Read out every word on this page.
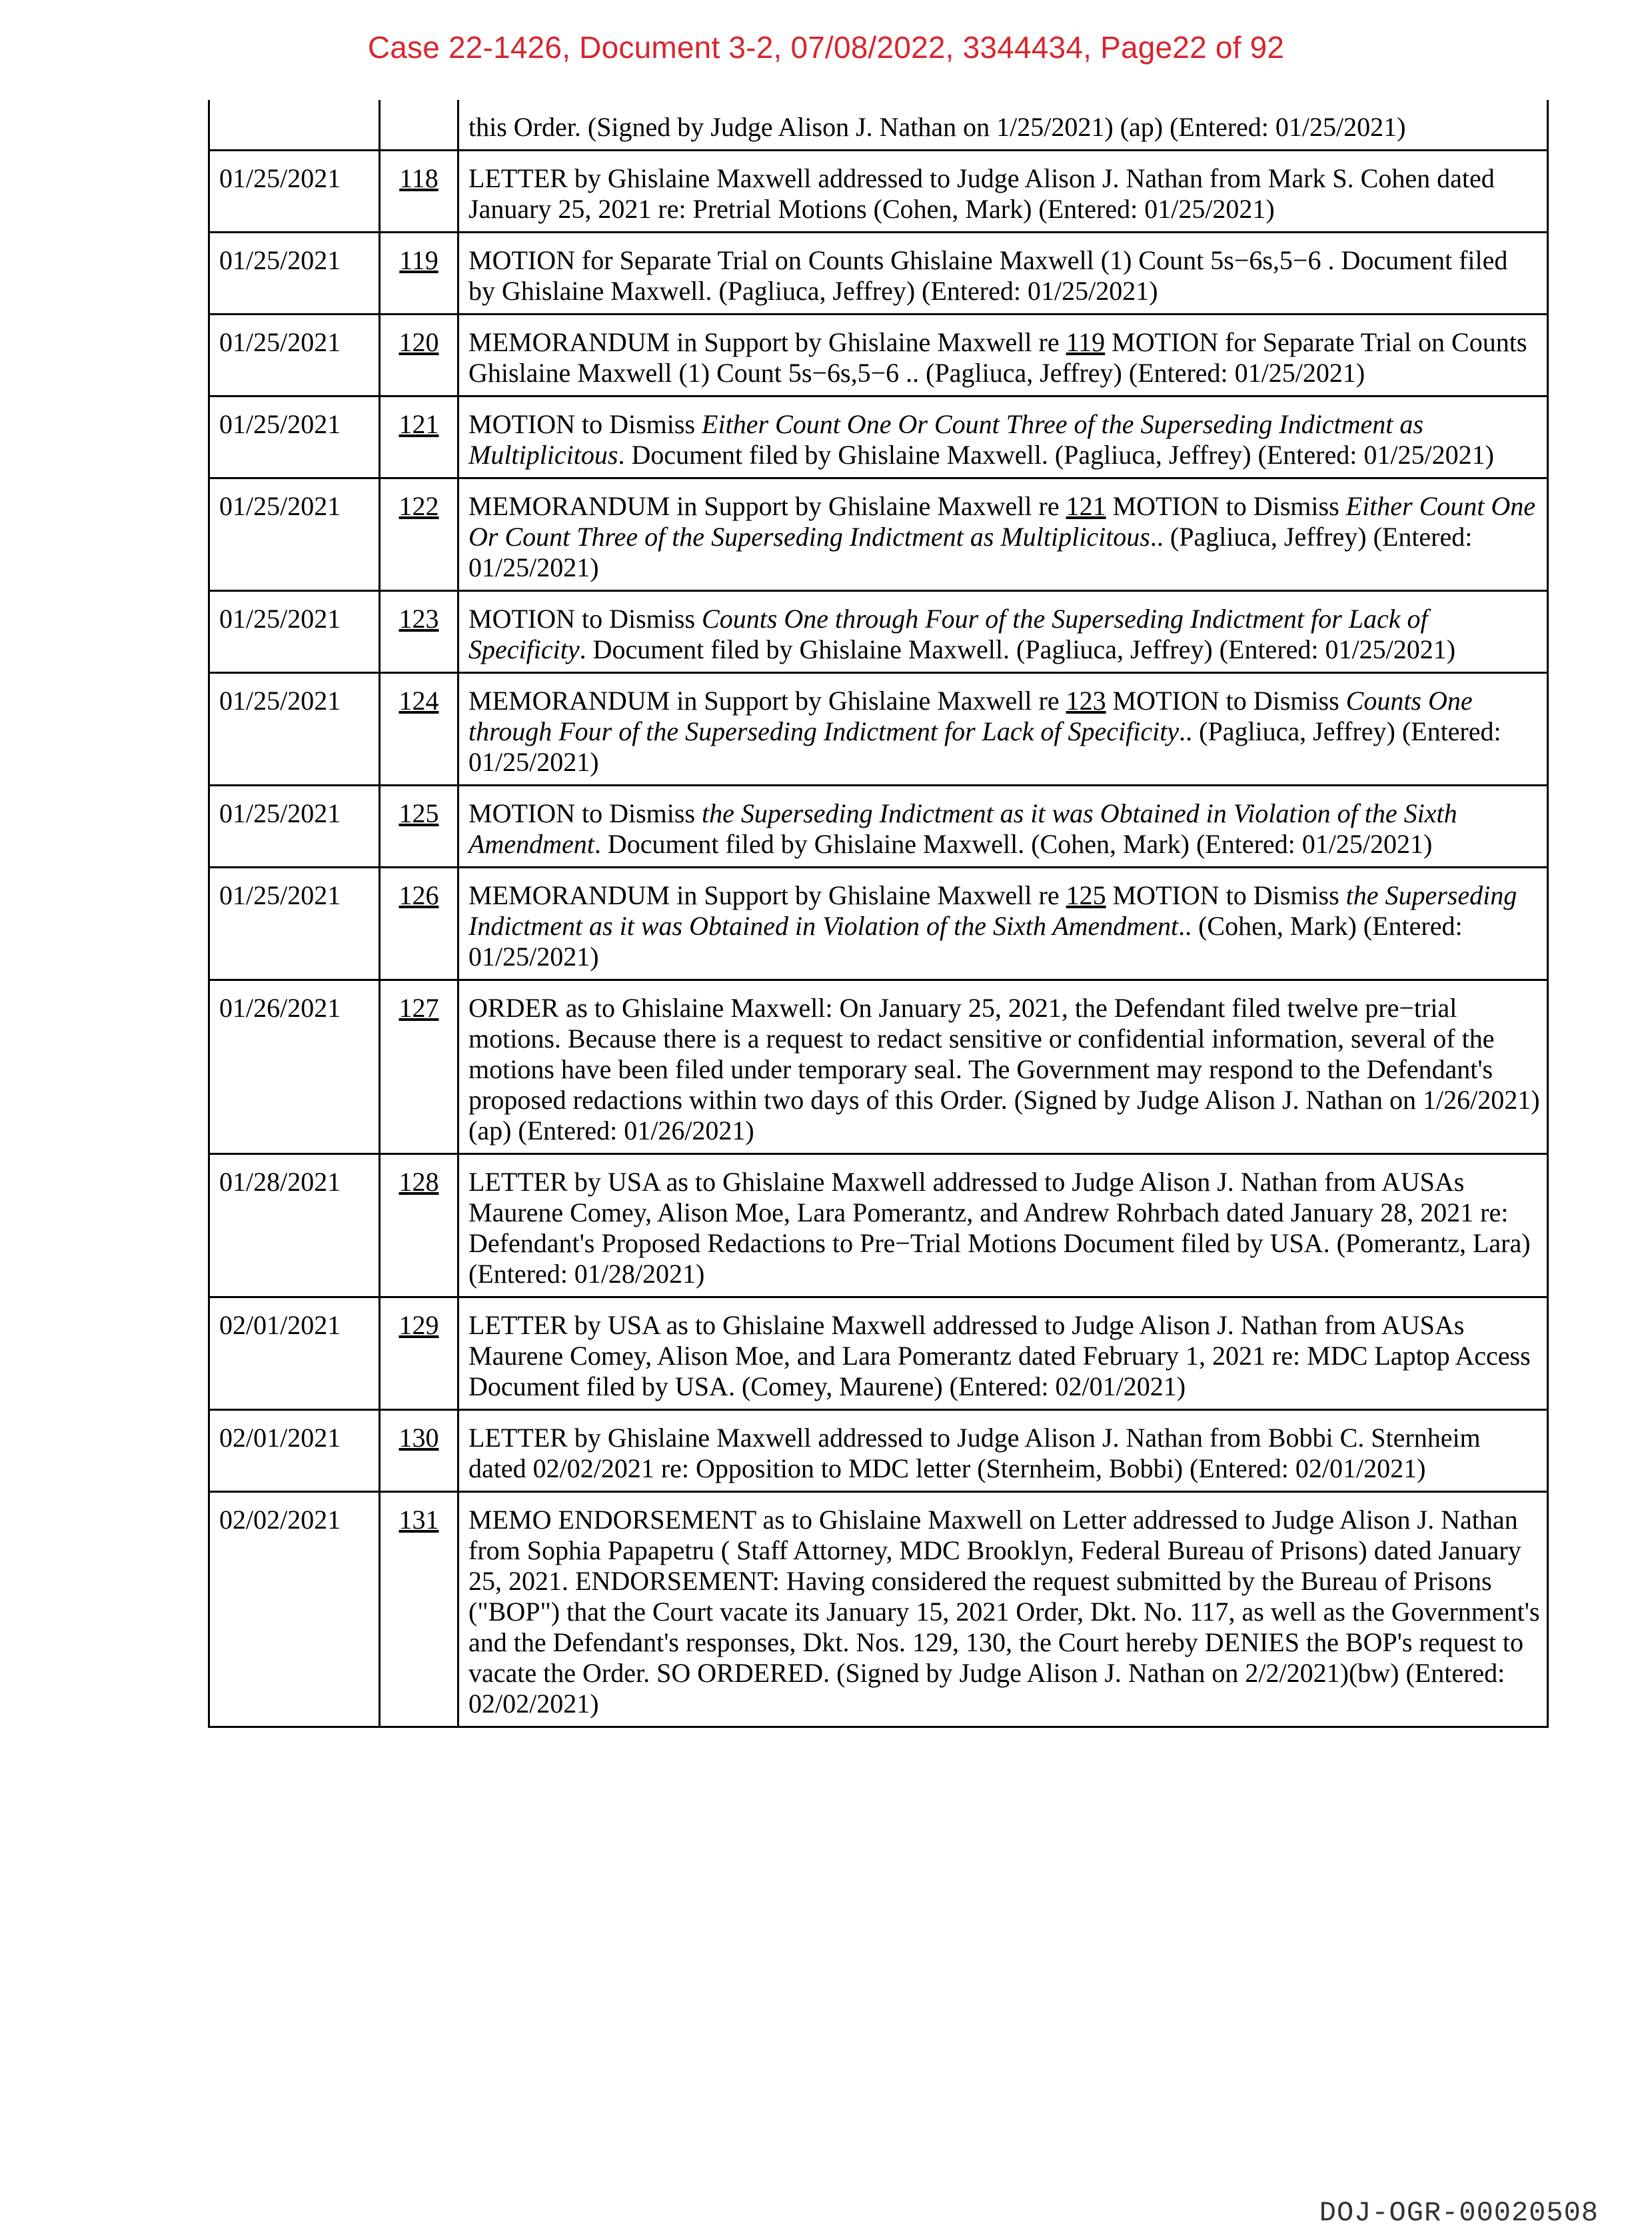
Case 22-1426, Document 3-2, 07/08/2022, 3344434, Page22 of 92
		this Order. (Signed by Judge Alison J. Nathan on 1/25/2021) (ap) (Entered: 01/25/2021)
01/25/2021	118	LETTER by Ghislaine Maxwell addressed to Judge Alison J. Nathan from Mark S. Cohen dated January 25, 2021 re: Pretrial Motions (Cohen, Mark) (Entered: 01/25/2021)
01/25/2021	119	MOTION for Separate Trial on Counts Ghislaine Maxwell (1) Count 5s−6s,5−6 . Document filed by Ghislaine Maxwell. (Pagliuca, Jeffrey) (Entered: 01/25/2021)
01/25/2021	120	MEMORANDUM in Support by Ghislaine Maxwell re 119 MOTION for Separate Trial on Counts Ghislaine Maxwell (1) Count 5s−6s,5−6 .. (Pagliuca, Jeffrey) (Entered: 01/25/2021)
01/25/2021	121	MOTION to Dismiss Either Count One Or Count Three of the Superseding Indictment as Multiplicitous. Document filed by Ghislaine Maxwell. (Pagliuca, Jeffrey) (Entered: 01/25/2021)
01/25/2021	122	MEMORANDUM in Support by Ghislaine Maxwell re 121 MOTION to Dismiss Either Count One Or Count Three of the Superseding Indictment as Multiplicitous.. (Pagliuca, Jeffrey) (Entered: 01/25/2021)
01/25/2021	123	MOTION to Dismiss Counts One through Four of the Superseding Indictment for Lack of Specificity. Document filed by Ghislaine Maxwell. (Pagliuca, Jeffrey) (Entered: 01/25/2021)
01/25/2021	124	MEMORANDUM in Support by Ghislaine Maxwell re 123 MOTION to Dismiss Counts One through Four of the Superseding Indictment for Lack of Specificity.. (Pagliuca, Jeffrey) (Entered: 01/25/2021)
01/25/2021	125	MOTION to Dismiss the Superseding Indictment as it was Obtained in Violation of the Sixth Amendment. Document filed by Ghislaine Maxwell. (Cohen, Mark) (Entered: 01/25/2021)
01/25/2021	126	MEMORANDUM in Support by Ghislaine Maxwell re 125 MOTION to Dismiss the Superseding Indictment as it was Obtained in Violation of the Sixth Amendment.. (Cohen, Mark) (Entered: 01/25/2021)
01/26/2021	127	ORDER as to Ghislaine Maxwell: On January 25, 2021, the Defendant filed twelve pre−trial motions. Because there is a request to redact sensitive or confidential information, several of the motions have been filed under temporary seal. The Government may respond to the Defendant's proposed redactions within two days of this Order. (Signed by Judge Alison J. Nathan on 1/26/2021) (ap) (Entered: 01/26/2021)
01/28/2021	128	LETTER by USA as to Ghislaine Maxwell addressed to Judge Alison J. Nathan from AUSAs Maurene Comey, Alison Moe, Lara Pomerantz, and Andrew Rohrbach dated January 28, 2021 re: Defendant's Proposed Redactions to Pre−Trial Motions Document filed by USA. (Pomerantz, Lara) (Entered: 01/28/2021)
02/01/2021	129	LETTER by USA as to Ghislaine Maxwell addressed to Judge Alison J. Nathan from AUSAs Maurene Comey, Alison Moe, and Lara Pomerantz dated February 1, 2021 re: MDC Laptop Access Document filed by USA. (Comey, Maurene) (Entered: 02/01/2021)
02/01/2021	130	LETTER by Ghislaine Maxwell addressed to Judge Alison J. Nathan from Bobbi C. Sternheim dated 02/02/2021 re: Opposition to MDC letter (Sternheim, Bobbi) (Entered: 02/01/2021)
02/02/2021	131	MEMO ENDORSEMENT as to Ghislaine Maxwell on Letter addressed to Judge Alison J. Nathan from Sophia Papapetru ( Staff Attorney, MDC Brooklyn, Federal Bureau of Prisons) dated January 25, 2021. ENDORSEMENT: Having considered the request submitted by the Bureau of Prisons ("BOP") that the Court vacate its January 15, 2021 Order, Dkt. No. 117, as well as the Government's and the Defendant's responses, Dkt. Nos. 129, 130, the Court hereby DENIES the BOP's request to vacate the Order. SO ORDERED. (Signed by Judge Alison J. Nathan on 2/2/2021)(bw) (Entered: 02/02/2021)
DOJ-OGR-00020508
